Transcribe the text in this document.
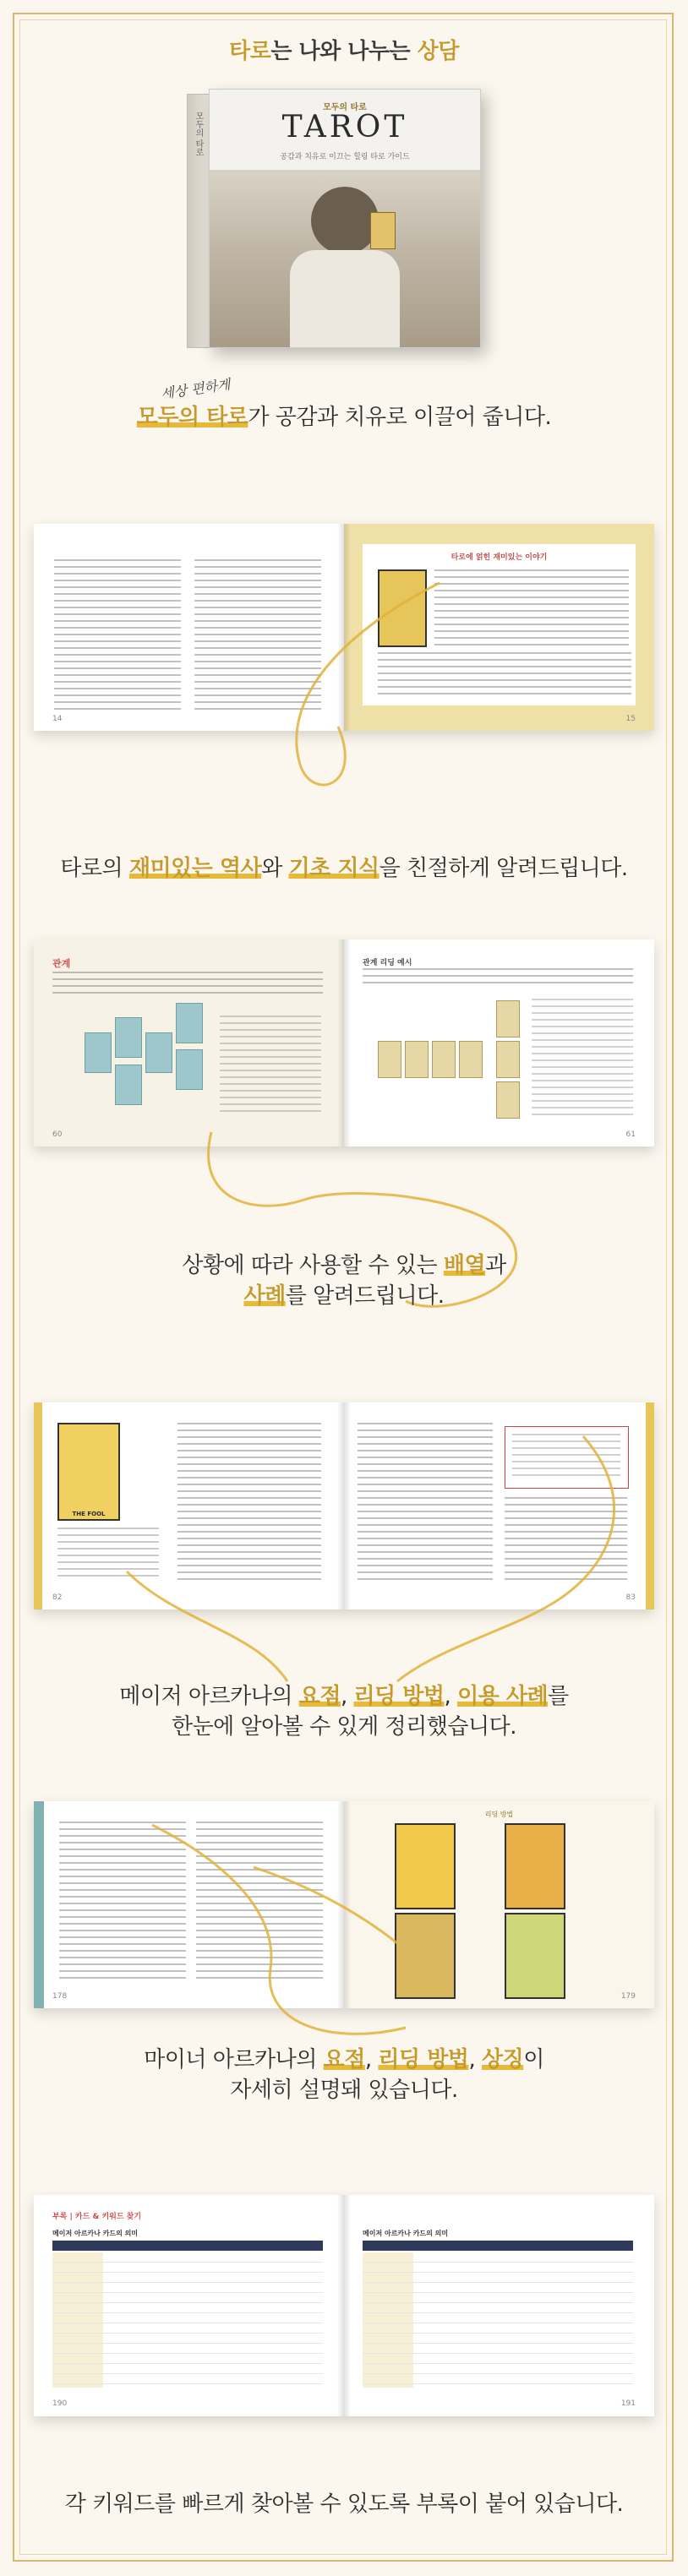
타로는 나와 나누는 상담
모두의 타로
모두의 타로
TAROT
공감과 치유로 이끄는 힐링 타로 가이드
세상 편하게
모두의 타로가 공감과 치유로 이끌어 줍니다.
14
타로에 얽힌 재미있는 이야기
15
타로의 재미있는 역사와 기초 지식을 친절하게 알려드립니다.
관계
60
관계 리딩 예시
61
상황에 따라 사용할 수 있는 배열과
사례를 알려드립니다.
THE FOOL
82	83
메이저 아르카나의 요점, 리딩 방법, 이용 사례를
한눈에 알아볼 수 있게 정리했습니다.
178
리딩 방법
179
마이너 아르카나의 요점, 리딩 방법, 상징이
자세히 설명돼 있습니다.
부록 | 카드 & 키워드 찾기
메이저 아르카나 카드의 의미
190
메이저 아르카나 카드의 의미
191
각 키워드를 빠르게 찾아볼 수 있도록 부록이 붙어 있습니다.
